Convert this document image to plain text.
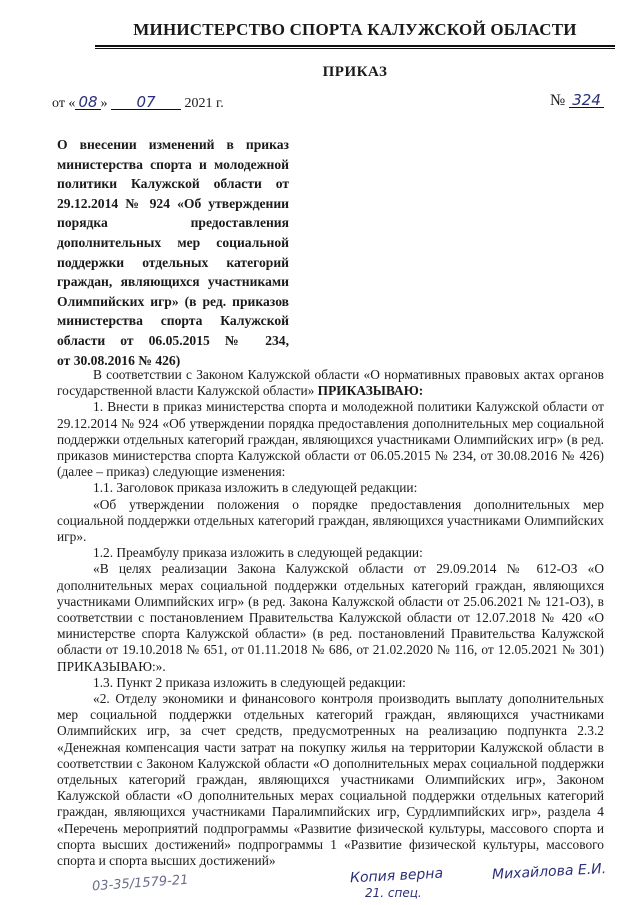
МИНИСТЕРСТВО СПОРТА КАЛУЖСКОЙ ОБЛАСТИ
ПРИКАЗ
от « 08 » 07 2021 г.	№ 324
О внесении изменений в приказ
министерства спорта и молодежной
политики Калужской области от
29.12.2014 № 924 «Об утверждении
порядка	предоставления
дополнительных мер социальной
поддержки отдельных категорий
граждан, являющихся участниками
Олимпийских игр» (в ред. приказов
министерства спорта Калужской
области от 06.05.2015 № 234,
от 30.08.2016 № 426)

В соответствии с Законом Калужской области «О нормативных правовых актах органов государственной власти Калужской области» ПРИКАЗЫВАЮ:

1. Внести в приказ министерства спорта и молодежной политики Калужской области от 29.12.2014 № 924 «Об утверждении порядка предоставления дополнительных мер социальной поддержки отдельных категорий граждан, являющихся участниками Олимпийских игр» (в ред. приказов министерства спорта Калужской области от 06.05.2015 № 234, от 30.08.2016 № 426) (далее – приказ) следующие изменения:

1.1. Заголовок приказа изложить в следующей редакции:

«Об утверждении положения о порядке предоставления дополнительных мер социальной поддержки отдельных категорий граждан, являющихся участниками Олимпийских игр».

1.2. Преамбулу приказа изложить в следующей редакции:

«В целях реализации Закона Калужской области от 29.09.2014 № 612-ОЗ «О дополнительных мерах социальной поддержки отдельных категорий граждан, являющихся участниками Олимпийских игр» (в ред. Закона Калужской области от 25.06.2021 № 121-ОЗ), в соответствии с постановлением Правительства Калужской области от 12.07.2018 № 420 «О министерстве спорта Калужской области» (в ред. постановлений Правительства Калужской области от 19.10.2018 № 651, от 01.11.2018 № 686, от 21.02.2020 № 116, от 12.05.2021 № 301) ПРИКАЗЫВАЮ:».

1.3. Пункт 2 приказа изложить в следующей редакции:

«2. Отделу экономики и финансового контроля производить выплату дополнительных мер социальной поддержки отдельных категорий граждан, являющихся участниками Олимпийских игр, за счет средств, предусмотренных на реализацию подпункта 2.3.2 «Денежная компенсация части затрат на покупку жилья на территории Калужской области в соответствии с Законом Калужской области «О дополнительных мерах социальной поддержки отдельных категорий граждан, являющихся участниками Олимпийских игр», Законом Калужской области «О дополнительных мерах социальной поддержки отдельных категорий граждан, являющихся участниками Паралимпийских игр, Сурдлимпийских игр», раздела 4 «Перечень мероприятий подпрограммы «Развитие физической культуры, массового спорта и спорта высших достижений» подпрограммы 1 «Развитие физической культуры, массового спорта и спорта высших достижений»

03-35/1579-21	Копия верна	Михайлова Е.И.
21. спец.
